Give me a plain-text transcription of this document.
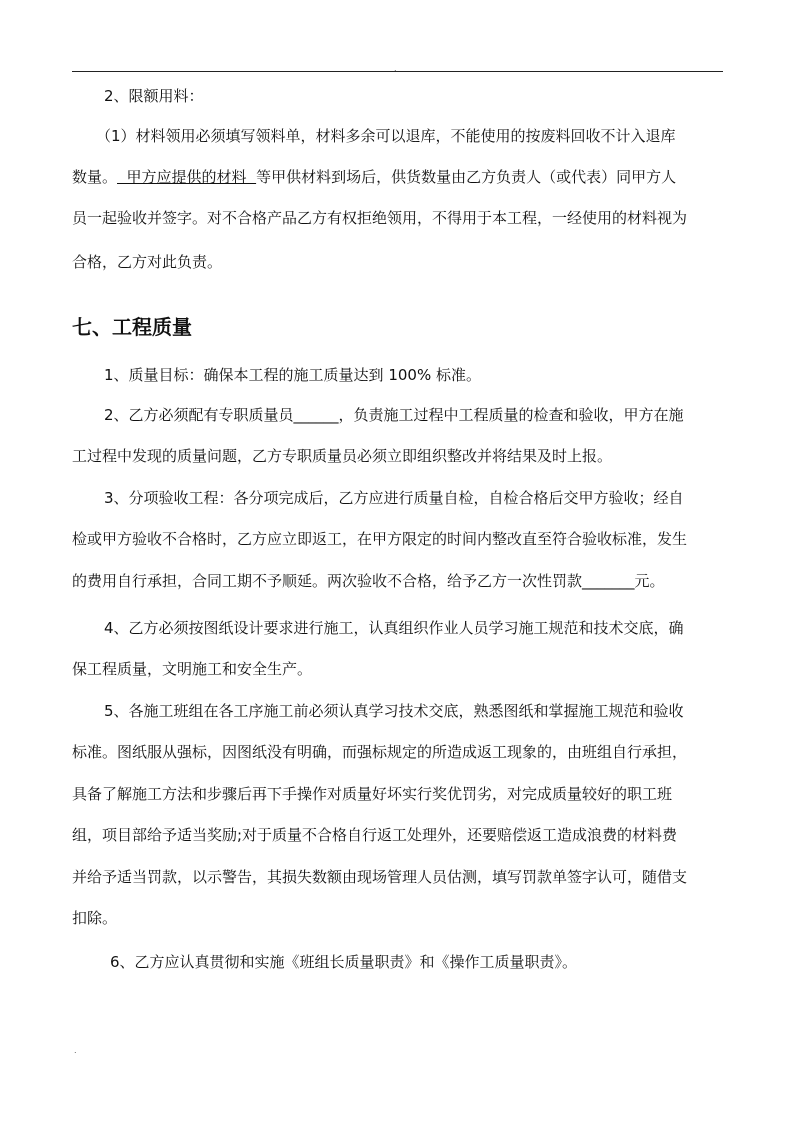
.
2、限额用料：
（1）材料领用必须填写领料单，材料多余可以退库，不能使用的按废料回收不计入退库
数量。  甲方应提供的材料  等甲供材料到场后，供货数量由乙方负责人（或代表）同甲方人
员一起验收并签字。对不合格产品乙方有权拒绝领用，不得用于本工程，一经使用的材料视为
合格，乙方对此负责。
七、工程质量
1、质量目标：确保本工程的施工质量达到 100% 标准。
2、乙方必须配有专职质量员______，负责施工过程中工程质量的检查和验收，甲方在施
工过程中发现的质量问题，乙方专职质量员必须立即组织整改并将结果及时上报。
3、分项验收工程：各分项完成后，乙方应进行质量自检，自检合格后交甲方验收；经自
检或甲方验收不合格时，乙方应立即返工，在甲方限定的时间内整改直至符合验收标准，发生
的费用自行承担，合同工期不予顺延。两次验收不合格，给予乙方一次性罚款_______元。
4、乙方必须按图纸设计要求进行施工，认真组织作业人员学习施工规范和技术交底，确
保工程质量，文明施工和安全生产。
5、各施工班组在各工序施工前必须认真学习技术交底，熟悉图纸和掌握施工规范和验收
标准。图纸服从强标，因图纸没有明确，而强标规定的所造成返工现象的，由班组自行承担，
具备了解施工方法和步骤后再下手操作对质量好坏实行奖优罚劣，对完成质量较好的职工班
组，项目部给予适当奖励;对于质量不合格自行返工处理外，还要赔偿返工造成浪费的材料费
并给予适当罚款，以示警告，其损失数额由现场管理人员估测，填写罚款单签字认可，随借支
扣除。
6、乙方应认真贯彻和实施《班组长质量职责》和《操作工质量职责》。
.
